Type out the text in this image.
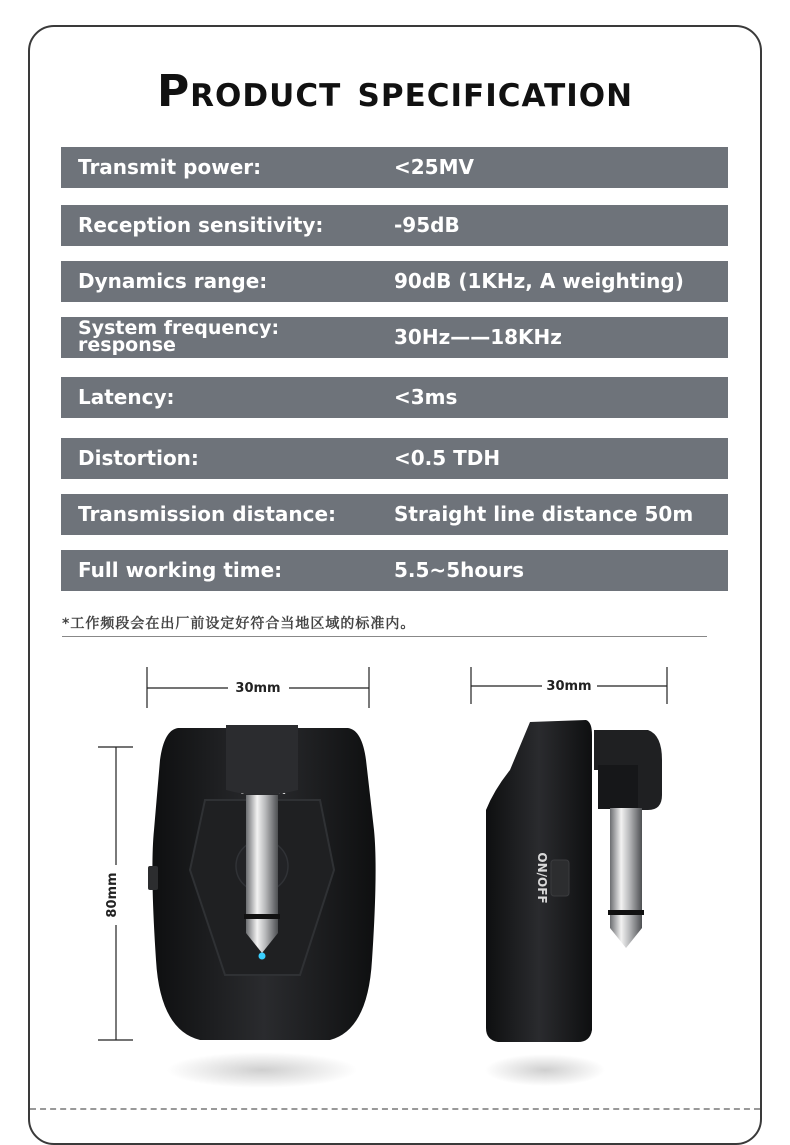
Product specification
Transmit power:	<25MV
Reception sensitivity:	-95dB
Dynamics range:	90dB (1KHz, A weighting)
System frequency: response	30Hz——18KHz
Latency:	<3ms
Distortion:	<0.5 TDH
Transmission distance:	Straight line distance 50m
Full working time:	5.5~5hours
*工作频段会在出厂前设定好符合当地区域的标准内。
30mm	30mm
80mm	ON/OFF
